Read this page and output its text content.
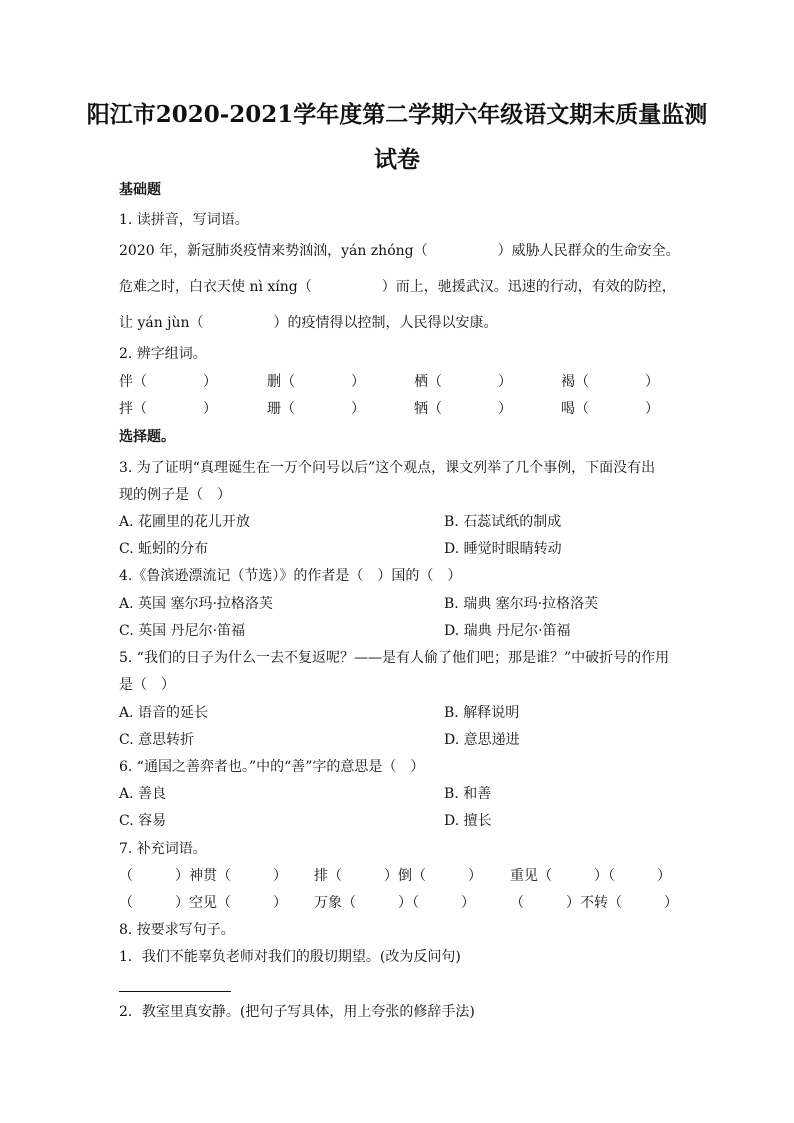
阳江市2020-2021学年度第二学期六年级语文期末质量监测
试卷
基础题
1. 读拼音，写词语。
2020 年，新冠肺炎疫情来势汹汹，yán zhóng（　　　　　）威胁人民群众的生命安全。
危难之时，白衣天使 nì xíng（　　　　　）而上，驰援武汉。迅速的行动，有效的防控，
让 yán jùn（　　　　　）的疫情得以控制，人民得以安康。
2. 辨字组词。
伴（　　　　）	删（　　　　）	栖（　　　　）	褐（　　　　）
拌（　　　　）	珊（　　　　）	牺（　　　　）	喝（　　　　）
选择题。
3. 为了证明“真理诞生在一万个问号以后”这个观点，课文列举了几个事例，下面没有出
现的例子是（　）
A. 花圃里的花儿开放	B. 石蕊试纸的制成
C. 蚯蚓的分布	D. 睡觉时眼睛转动
4.《鲁滨逊漂流记（节选）》的作者是（　）国的（　）
A. 英国 塞尔玛·拉格洛芙	B. 瑞典 塞尔玛·拉格洛芙
C. 英国 丹尼尔·笛福	D. 瑞典 丹尼尔·笛福
5. “我们的日子为什么一去不复返呢？——是有人偷了他们吧；那是谁？”中破折号的作用
是（　）
A. 语音的延长	B. 解释说明
C. 意思转折	D. 意思递进
6. “通国之善弈者也。”中的“善”字的意思是（　）
A. 善良	B. 和善
C. 容易	D. 擅长
7. 补充词语。
（　　　）神贯（　　　） 排（　　　）倒（　　　） 重见（　　　）（　　　）
（　　　）空见（　　　） 万象（　　　）（　　　）	（　　　）不转（　　　）
8. 按要求写句子。
1．我们不能辜负老师对我们的殷切期望。(改为反问句)
2．教室里真安静。(把句子写具体，用上夸张的修辞手法)
